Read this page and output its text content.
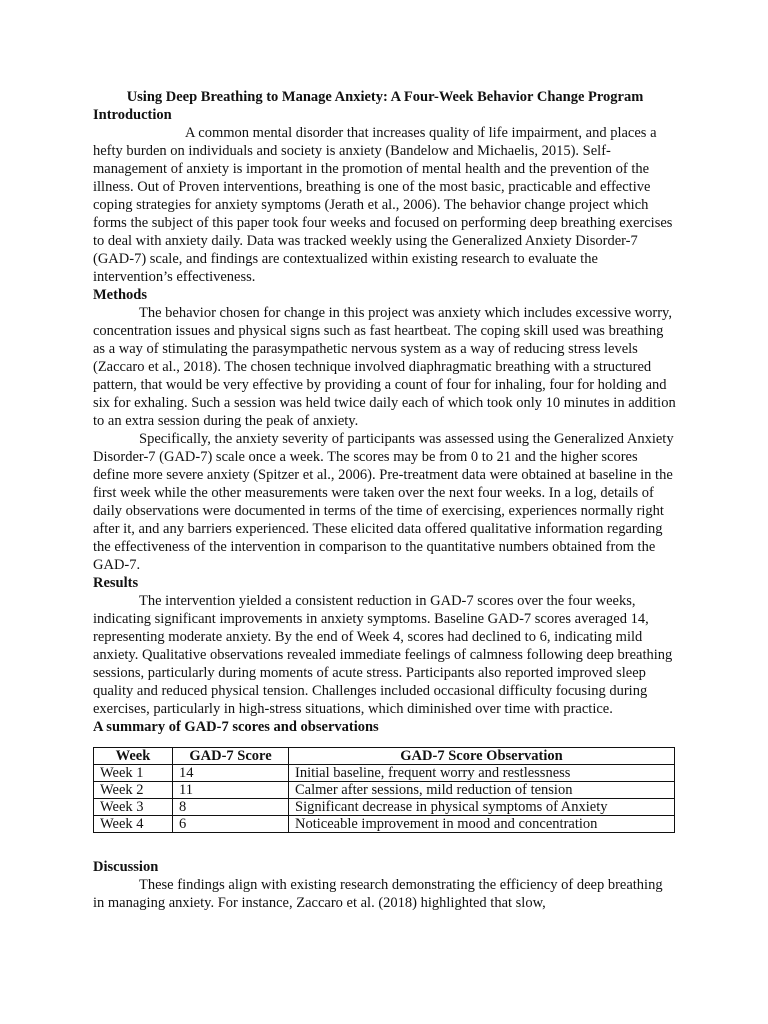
Using Deep Breathing to Manage Anxiety: A Four-Week Behavior Change Program

Introduction

A common mental disorder that increases quality of life impairment, and places a hefty burden on individuals and society is anxiety (Bandelow and Michaelis, 2015). Self-management of anxiety is important in the promotion of mental health and the prevention of the illness. Out of Proven interventions, breathing is one of the most basic, practicable and effective coping strategies for anxiety symptoms (Jerath et al., 2006). The behavior change project which forms the subject of this paper took four weeks and focused on performing deep breathing exercises to deal with anxiety daily. Data was tracked weekly using the Generalized Anxiety Disorder-7 (GAD-7) scale, and findings are contextualized within existing research to evaluate the intervention’s effectiveness.

Methods

The behavior chosen for change in this project was anxiety which includes excessive worry, concentration issues and physical signs such as fast heartbeat. The coping skill used was breathing as a way of stimulating the parasympathetic nervous system as a way of reducing stress levels (Zaccaro et al., 2018). The chosen technique involved diaphragmatic breathing with a structured pattern, that would be very effective by providing a count of four for inhaling, four for holding and six for exhaling. Such a session was held twice daily each of which took only 10 minutes in addition to an extra session during the peak of anxiety.

Specifically, the anxiety severity of participants was assessed using the Generalized Anxiety Disorder-7 (GAD-7) scale once a week. The scores may be from 0 to 21 and the higher scores define more severe anxiety (Spitzer et al., 2006). Pre-treatment data were obtained at baseline in the first week while the other measurements were taken over the next four weeks. In a log, details of daily observations were documented in terms of the time of exercising, experiences normally right after it, and any barriers experienced. These elicited data offered qualitative information regarding the effectiveness of the intervention in comparison to the quantitative numbers obtained from the GAD-7.

Results

The intervention yielded a consistent reduction in GAD-7 scores over the four weeks, indicating significant improvements in anxiety symptoms. Baseline GAD-7 scores averaged 14, representing moderate anxiety. By the end of Week 4, scores had declined to 6, indicating mild anxiety. Qualitative observations revealed immediate feelings of calmness following deep breathing sessions, particularly during moments of acute stress. Participants also reported improved sleep quality and reduced physical tension. Challenges included occasional difficulty focusing during exercises, particularly in high-stress situations, which diminished over time with practice.

A summary of GAD-7 scores and observations

Week	GAD-7 Score	GAD-7 Score Observation
Week 1	14	Initial baseline, frequent worry and restlessness
Week 2	11	Calmer after sessions, mild reduction of tension
Week 3	8	Significant decrease in physical symptoms of Anxiety
Week 4	6	Noticeable improvement in mood and concentration

Discussion

These findings align with existing research demonstrating the efficiency of deep breathing in managing anxiety. For instance, Zaccaro et al. (2018) highlighted that slow,
